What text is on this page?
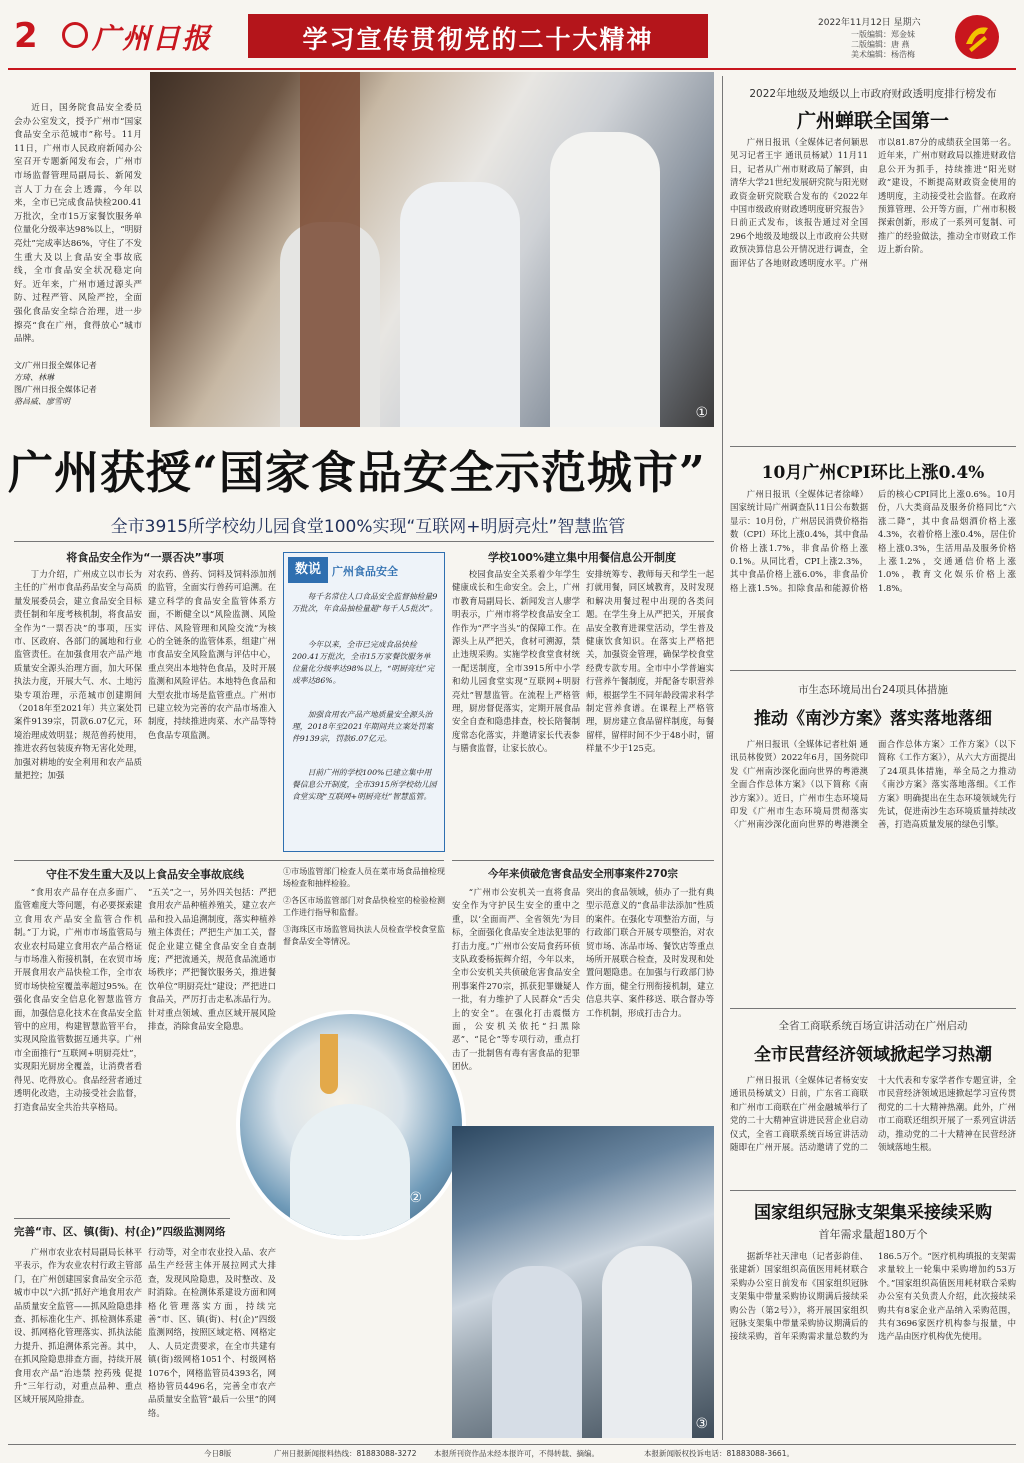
2 广州日报	学习宣传贯彻党的二十大精神
2022年11月12日 星期六
一版编辑：郑金妹
二版编辑：唐 燕
美术编辑：杨浩梅
近日，国务院食品安全委员会办公室发文，授予广州市“国家食品安全示范城市”称号。11月11日，广州市人民政府新闻办公室召开专题新闻发布会，广州市市场监督管理局副局长、新闻发言人丁力在会上透露，今年以来，全市已完成食品快检200.41万批次，全市15万家餐饮服务单位量化分级率达98%以上，“明厨亮灶”完成率达86%，守住了不发生重大及以上食品安全事故底线，全市食品安全状况稳定向好。近年来，广州市通过源头严防、过程严管、风险严控，全面强化食品安全综合治理，进一步擦亮“食在广州，食得放心”城市品牌。
文/广州日报全媒体记者
方琦、林琳
图/广州日报全媒体记者
骆昌威、廖雪明
①
广州获授“国家食品安全示范城市”
全市3915所学校幼儿园食堂100%实现“互联网+明厨亮灶”智慧监管
将食品安全作为“一票否决”事项
丁力介绍，广州成立以市长为主任的广州市食品药品安全与高质量发展委员会，建立食品安全目标责任制和年度考核机制，将食品安全作为“一票否决”的事项，压实市、区政府、各部门的属地和行业监管责任。在加强食用农产品产地质量安全源头治理方面，加大环保执法力度，开展大气、水、土地污染专项治理，示范城市创建期间（2018年至2021年）共立案处罚案件9139宗，罚款6.07亿元，环境治理成效明显；规范兽药使用，推进农药包装废弃物无害化处理，加强对耕地的安全利用和农产品质量把控；加强
对农药、兽药、饲料及饲料添加剂的监管，全面实行兽药可追溯。在建立科学的食品安全监管体系方面，不断健全以“风险监测、风险评估、风险管理和风险交流”为核心的全链条的监管体系，组建广州市食品安全风险监测与评估中心，重点突出本地特色食品，及时开展监测和风险评估。本地特色食品和大型农批市场是监管重点。广州市已建立较为完善的农产品市场准入制度，持续推进肉菜、水产品等特色食品专项监测。
数说	广州食品安全
每千名常住人口食品安全监督抽检量9万批次，年食品抽检量超“每千人5批次”。
今年以来，全市已完成食品快检200.41万批次，全市15万家餐饮服务单位量化分级率达98%以上，“明厨亮灶”完成率达86%。
加强食用农产品产地质量安全源头治理，2018年至2021年期间共立案处罚案件9139宗，罚款6.07亿元。
目前广州的学校100%已建立集中用餐信息公开制度，全市3915所学校幼儿园食堂实现“互联网+明厨亮灶”智慧监管。
学校100%建立集中用餐信息公开制度
校园食品安全关系着少年学生健康成长和生命安全。会上，广州市教育局副局长、新闻发言人廖学明表示，广州市将学校食品安全工作作为“严字当头”的保障工作。在源头上从严把关，食材可溯源，禁止违规采购。实施学校食堂食材统一配送制度，全市3915所中小学和幼儿园食堂实现“互联网+明厨亮灶”智慧监管。在流程上严格管理，厨房督促落实，定期开展食品安全自查和隐患排查，校长陪餐制度常态化落实，并邀请家长代表参与膳食监督，让家长放心。
安排统筹专、教师每天和学生一起打就用餐，同区域教育，及时发现和解决用餐过程中出现的各类问题。在学生身上从严把关，开展食品安全教育进课堂活动，学生普及健康饮食知识。在落实上严格把关，加强资金管理，确保学校食堂经费专款专用。全市中小学普遍实行营养午餐制度，并配备专职营养师，根据学生不同年龄段需求科学制定营养食谱。在课程上严格管理，厨房建立食品留样制度，每餐留样，留样时间不少于48小时，留样量不少于125克。
守住不发生重大及以上食品安全事故底线
“食用农产品存在点多面广、监管难度大等问题，有必要探索建立食用农产品安全监管合作机制。”丁力说，广州市市场监管局与农业农村局建立食用农产品合格证与市场准入衔接机制，在农贸市场开展食用农产品快检工作，全市农贸市场快检室覆盖率超过95%。在强化食品安全信息化智慧监管方面，加强信息化技术在食品安全监管中的应用，构建智慧监管平台，实现风险监管数据互通共享。广州市全面推行“互联网+明厨亮灶”，实现阳光厨房全覆盖，让消费者看得见、吃得放心。食品经营者通过透明化改造，主动接受社会监督，打造食品安全共治共享格局。
“五关”之一，另外四关包括：严把食用农产品种植养殖关，建立农产品和投入品追溯制度，落实种植养殖主体责任；严把生产加工关，督促企业建立健全食品安全自查制度；严把流通关，规范食品流通市场秩序；严把餐饮服务关，推进餐饮单位“明厨亮灶”建设；严把进口食品关，严厉打击走私冻品行为。针对重点领域、重点区域开展风险排查，消除食品安全隐患。
①市场监管部门检查人员在菜市场食品抽检现场检查和抽样检验。
②各区市场监管部门对食品快检室的检验检测工作进行指导和监督。
③海珠区市场监管局执法人员检查学校食堂监督食品安全等情况。
②
今年来侦破危害食品安全刑事案件270宗
“广州市公安机关一直将食品安全作为守护民生安全的重中之重，以‘全面而严、全省领先’为目标，全面强化食品安全违法犯罪的打击力度。”广州市公安局食药环侦支队政委杨振辉介绍，今年以来，全市公安机关共侦破危害食品安全刑事案件270宗，抓获犯罪嫌疑人一批，有力维护了人民群众“舌尖上的安全”。在强化打击震慑方面，公安机关依托“扫黑除恶”、“昆仑”等专项行动，重点打击了一批制售有毒有害食品的犯罪团伙。
突出的食品领域，侦办了一批有典型示范意义的“食品非法添加”性质的案件。在强化专项整治方面，与行政部门联合开展专项整治，对农贸市场、冻品市场、餐饮店等重点场所开展联合检查，及时发现和处置问题隐患。在加强与行政部门协作方面，健全行刑衔接机制，建立信息共享、案件移送、联合督办等工作机制，形成打击合力。
③
完善“市、区、镇(街)、村(企)”四级监测网络
广州市农业农村局副局长林平平表示，作为农业农村行政主管部门，在广州创建国家食品安全示范城市中以“六抓”抓好产地食用农产品质量安全监管——抓风险隐患排查、抓标准化生产、抓检测体系建设、抓网格化管理落实、抓执法能力提升、抓追溯体系完善。其中，在抓风险隐患排查方面，持续开展食用农产品“治违禁 控药残 促提升”三年行动，对重点品种、重点区域开展风险排查。
行动等，对全市农业投入品、农产品生产经营主体开展拉网式大排查，发现风险隐患，及时整改、及时消除。在检测体系建设方面和网格化管理落实方面，持续完善“市、区、镇(街)、村(企)”四级监测网络，按照区域定格、网格定人、人员定责要求，在全市共建有镇(街)级网格1051个、村级网格1076个，网格监管员4393名，网格协管员4496名，完善全市农产品质量安全监管“最后一公里”的网络。
2022年地级及地级以上市政府财政透明度排行榜发布
广州蝉联全国第一
广州日报讯（全媒体记者何颖思 见习记者王宇 通讯员杨斌）11月11日，记者从广州市财政局了解到，由清华大学21世纪发展研究院与阳光财政资金研究院联合发布的《2022年中国市级政府财政透明度研究报告》日前正式发布，该报告通过对全国296个地级及地级以上市政府公共财政预决算信息公开情况进行调查，全面评估了各地财政透明度水平。广州市以81.87分的成绩获全国第一名。近年来，广州市财政局以推进财政信息公开为抓手，持续推进“阳光财政”建设，不断提高财政资金使用的透明度，主动接受社会监督。在政府预算管理、公开等方面，广州市积极探索创新，形成了一系列可复制、可推广的经验做法，推动全市财政工作迈上新台阶。
10月广州CPI环比上涨0.4%
广州日报讯（全媒体记者徐峰）国家统计局广州调查队11日公布数据显示：10月份，广州居民消费价格指数（CPI）环比上涨0.4%，其中食品价格上涨1.7%，非食品价格上涨0.1%。从同比看，CPI上涨2.3%，其中食品价格上涨6.0%，非食品价格上涨1.5%。扣除食品和能源价格后的核心CPI同比上涨0.6%。10月份，八大类商品及服务价格同比“六涨二降”，其中食品烟酒价格上涨4.3%，衣着价格上涨0.4%，居住价格上涨0.3%，生活用品及服务价格上涨1.2%，交通通信价格上涨1.0%，教育文化娱乐价格上涨1.8%。
市生态环境局出台24项具体措施
推动《南沙方案》落实落地落细
广州日报讯（全媒体记者杜娟 通讯员林俊贤）2022年6月，国务院印发《广州南沙深化面向世界的粤港澳全面合作总体方案》（以下简称《南沙方案》）。近日，广州市生态环境局印发《广州市生态环境局贯彻落实〈广州南沙深化面向世界的粤港澳全面合作总体方案〉工作方案》（以下简称《工作方案》），从六大方面提出了24项具体措施，举全局之力推动《南沙方案》落实落地落细。《工作方案》明确提出在生态环境领域先行先试，促进南沙生态环境质量持续改善，打造高质量发展的绿色引擎。
全省工商联系统百场宣讲活动在广州启动
全市民营经济领域掀起学习热潮
广州日报讯（全媒体记者杨安安 通讯员杨斌文）日前，广东省工商联和广州市工商联在广州金融城举行了党的二十大精神宣讲进民营企业启动仪式，全省工商联系统百场宣讲活动随即在广州开展。活动邀请了党的二十大代表和专家学者作专题宣讲，全市民营经济领域迅速掀起学习宣传贯彻党的二十大精神热潮。此外，广州市工商联还组织开展了一系列宣讲活动，推动党的二十大精神在民营经济领域落地生根。
国家组织冠脉支架集采接续采购
首年需求量超180万个
据新华社天津电（记者彭韵佳、张建新）国家组织高值医用耗材联合采购办公室日前发布《国家组织冠脉支架集中带量采购协议期满后接续采购公告（第2号）》，将开展国家组织冠脉支架集中带量采购协议期满后的接续采购，首年采购需求量总数约为186.5万个。“医疗机构填报的支架需求量较上一轮集中采购增加约53万个。”国家组织高值医用耗材联合采购办公室有关负责人介绍，此次接续采购共有8家企业产品纳入采购范围，共有3696家医疗机构参与报量，中选产品由医疗机构优先使用。
今日8版	广州日报新闻报料热线：81883088-3272 本报所刊资作品未经本报许可，不得转载、摘编。	本报新闻版权投诉电话：81883088-3661。
